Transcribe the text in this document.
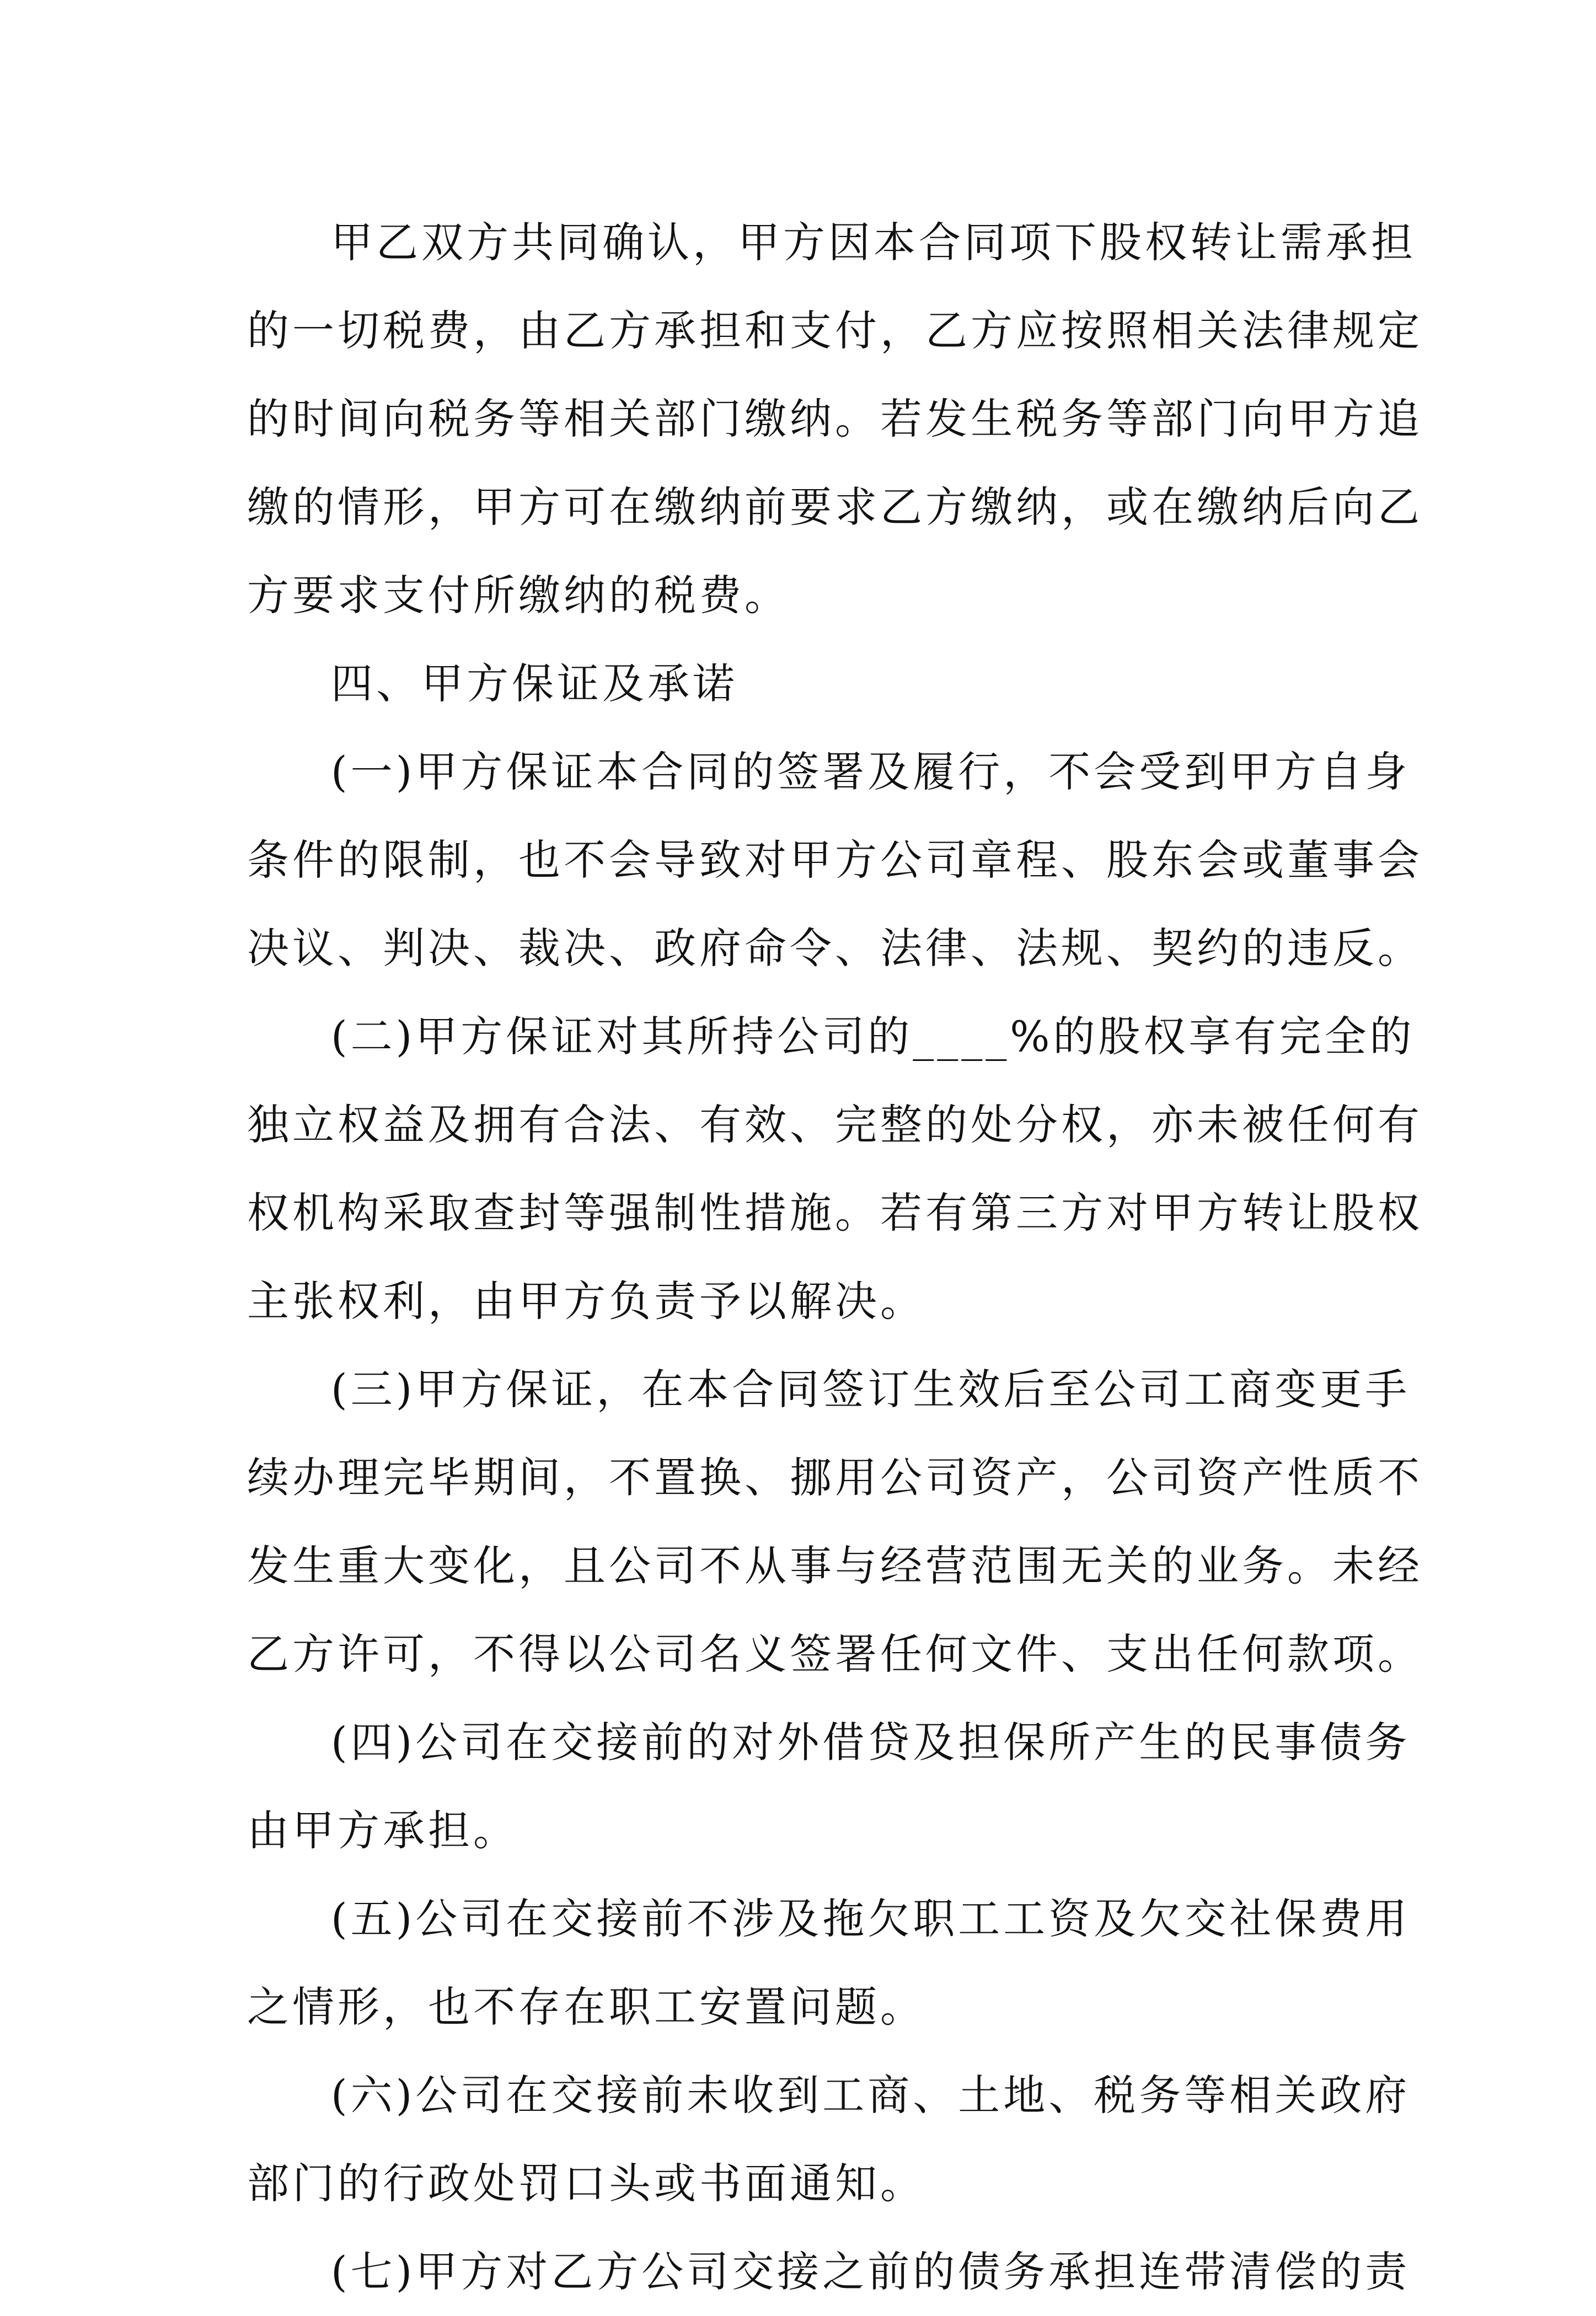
甲乙双方共同确认，甲方因本合同项下股权转让需承担
的一切税费，由乙方承担和支付，乙方应按照相关法律规定
的时间向税务等相关部门缴纳。若发生税务等部门向甲方追
缴的情形，甲方可在缴纳前要求乙方缴纳，或在缴纳后向乙
方要求支付所缴纳的税费。
四、甲方保证及承诺
(一)甲方保证本合同的签署及履行，不会受到甲方自身
条件的限制，也不会导致对甲方公司章程、股东会或董事会
决议、判决、裁决、政府命令、法律、法规、契约的违反。
(二)甲方保证对其所持公司的____%的股权享有完全的
独立权益及拥有合法、有效、完整的处分权，亦未被任何有
权机构采取查封等强制性措施。若有第三方对甲方转让股权
主张权利，由甲方负责予以解决。
(三)甲方保证，在本合同签订生效后至公司工商变更手
续办理完毕期间，不置换、挪用公司资产，公司资产性质不
发生重大变化，且公司不从事与经营范围无关的业务。未经
乙方许可，不得以公司名义签署任何文件、支出任何款项。
(四)公司在交接前的对外借贷及担保所产生的民事债务
由甲方承担。
(五)公司在交接前不涉及拖欠职工工资及欠交社保费用
之情形，也不存在职工安置问题。
(六)公司在交接前未收到工商、土地、税务等相关政府
部门的行政处罚口头或书面通知。
(七)甲方对乙方公司交接之前的债务承担连带清偿的责
